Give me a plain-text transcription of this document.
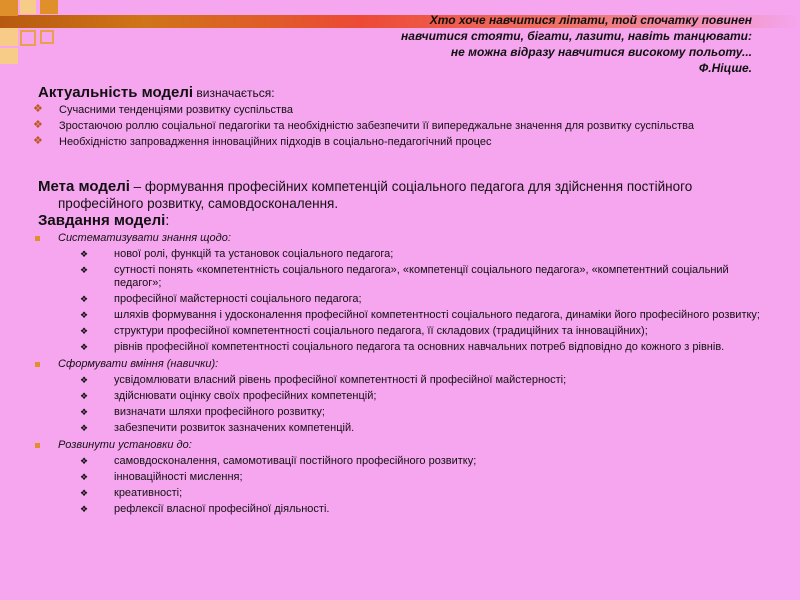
Хто хоче навчитися літати, той спочатку повинен
навчитися стояти, бігати, лазити, навіть танцювати:
не можна відразу навчитися високому польоту...
Ф.Ніцше.
Актуальність моделі визначається:
❖ Сучасними тенденціями розвитку суспільства
❖ Зростаючою роллю соціальної педагогіки та необхідністю забезпечити її випереджальне значення для розвитку суспільства
❖ Необхідністю запровадження інноваційних підходів в соціально-педагогічний процес
Мета моделі – формування професійних компетенцій соціального педагога для здійснення постійного професійного розвитку, самовдосконалення.
Завдання моделі:
Систематизувати знання щодо:
❖ нової ролі, функцій та установок соціального педагога;
❖ сутності понять «компетентність соціального педагога», «компетенції соціального педагога», «компетентний соціальний педагог»;
❖ професійної майстерності соціального педагога;
❖ шляхів формування і удосконалення професійної компетентності соціального педагога, динаміки його професійного розвитку;
❖ структури професійної компетентності соціального педагога, її складових (традиційних та інноваційних);
❖ рівнів професійної компетентності соціального педагога та основних навчальних потреб відповідно до кожного з рівнів.
Сформувати вміння (навички):
❖ усвідомлювати власний рівень професійної компетентності й професійної майстерності;
❖ здійснювати оцінку своїх професійних компетенцій;
❖ визначати шляхи професійного розвитку;
❖ забезпечити розвиток зазначених компетенцій.
Розвинути установки до:
❖ самовдосконалення, самомотивації постійного професійного розвитку;
❖ інноваційності мислення;
❖ креативності;
❖ рефлексії власної професійної діяльності.
